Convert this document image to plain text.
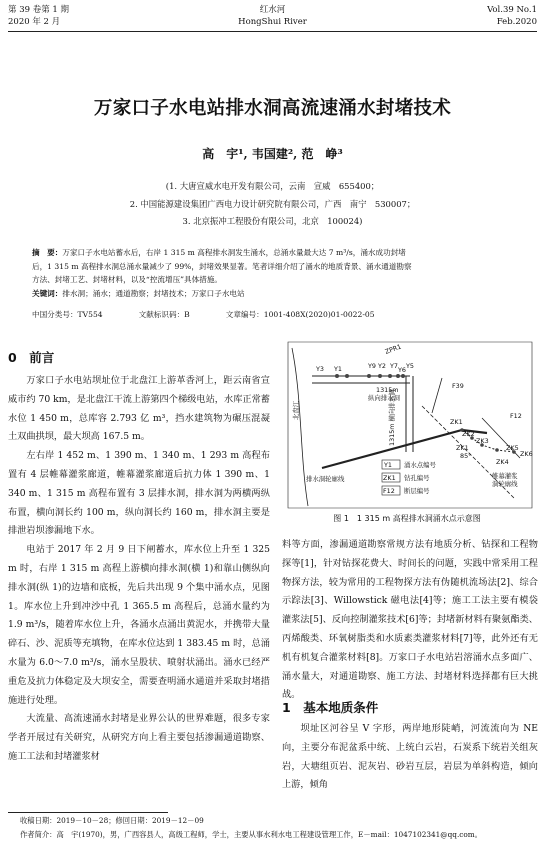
第 39 卷第 1 期
2020 年 2 月
红水河
HongShui River
Vol.39 No.1
Feb.2020
万家口子水电站排水洞高流速涌水封堵技术
高　宇¹, 韦国建², 范　峥³
(1. 大唐宣威水电开发有限公司，云南　宣威　655400；
2. 中国能源建设集团广西电力设计研究院有限公司，广西　南宁　530007；
3. 北京振冲工程股份有限公司，北京　100024)
摘　要：万家口子水电站蓄水后，右岸 1 315 m 高程排水洞发生涌水，总涌水量最大达 7 m³/s，涌水成功封堵
后，1 315 m 高程排水洞总涌水量减少了 99%，封堵效果显著。笔者详细介绍了涌水的地质背景、涌水通道勘察
方法、封堵工艺、封堵材料，以及“控流增压”具体措施。
关键词：排水洞；涌水；通道勘察；封堵技术；万家口子水电站
中国分类号：TV554	文献标识码：B	文章编号：1001-408X(2020)01-0022-05
0　前言

万家口子水电站坝址位于北盘江上游革香河上，距云南省宣威市约 70 km，是北盘江干流上游第四个梯级电站，水库正常蓄水位 1 450 m，总库容 2.793 亿 m³，挡水建筑物为碾压混凝土双曲拱坝，最大坝高 167.5 m。

左右岸 1 452 m、1 390 m、1 340 m、1 293 m 高程布置有 4 层帷幕灌浆廊道，帷幕灌浆廊道后抗力体 1 390 m、1 340 m、1 315 m 高程布置有 3 层排水洞，排水洞为两横两纵布置，横向洞长约 100 m，纵向洞长约 160 m，排水洞主要是排泄岩坝渗漏地下水。

电站于 2017 年 2 月 9 日下闸蓄水，库水位上升至 1 325 m 时，右岸 1 315 m 高程上游横向排水洞(横 1)和靠山侧纵向排水洞(纵 1)的边墙和底板，先后共出现 9 个集中涌水点，见图 1。库水位上升到冲沙中孔 1 365.5 m 高程后，总涌水量约为 1.9 m³/s，随着库水位上升，各涌水点涌出黄泥水，并携带大量碎石、沙、泥质等充填物，在库水位达到 1 383.45 m 时，总涌水量为 6.0～7.0 m³/s，涌水呈股状、喷射状涌出。涌水已经严重危及抗力体稳定及大坝安全，需要查明涌水通道并采取封堵措施进行处理。

大流量、高流速涌水封堵是业界公认的世界难题，很多专家学者开展过有关研究，从研究方向上看主要包括渗漏通道勘察、施工工法和封堵灌浆材

ZPR1
Y3 Y1	Y9 Y2 Y7 Y6 Y5
1315m
纵向排水洞
1315m 横向排水洞
北盘江
F39
F12
ZK1
ZK2
ZK3
ZK5
ZK6
ZK4
ZK1
85°
排水洞轮廓线	帷幕灌浆
洞轮廓线
Y1 涌水点编号
ZK1 钻孔编号
F12 断层编号
图 1　1 315 m 高程排水洞涌水点示意图

料等方面，渗漏通道勘察常规方法有地质分析、钻探和工程物探等[1]，针对钻探花费大、时间长的问题，实践中常采用工程物探方法，较为常用的工程物探方法有伪随机流场法[2]、综合示踪法[3]、Willowstick 磁电法[4]等；施工工法主要有模袋灌浆法[5]、反向控制灌浆技术[6]等；封堵新材料有聚氨酯类、丙烯酸类、环氧树脂类和水质素类灌浆材料[7]等，此外还有无机有机复合灌浆材料[8]。万家口子水电站岩溶涌水点多面广、涌水量大，对通道勘察、施工方法、封堵材料选择都有巨大挑战。

1　基本地质条件

坝址区河谷呈 V 字形，两岸地形陡峭，河流流向为 NE 向，主要分布泥盆系中统、上统白云岩，石炭系下统岩关组灰岩，大塘组页岩、泥灰岩、砂岩互层，岩层为单斜构造，倾向上游，倾角

收稿日期：2019－10－28；修回日期：2019－12－09
作者简介：高　宇(1970)，男，广西容县人，高级工程师，学士，主要从事水利水电工程建设管理工作，E－mail：1047102341@qq.com。
